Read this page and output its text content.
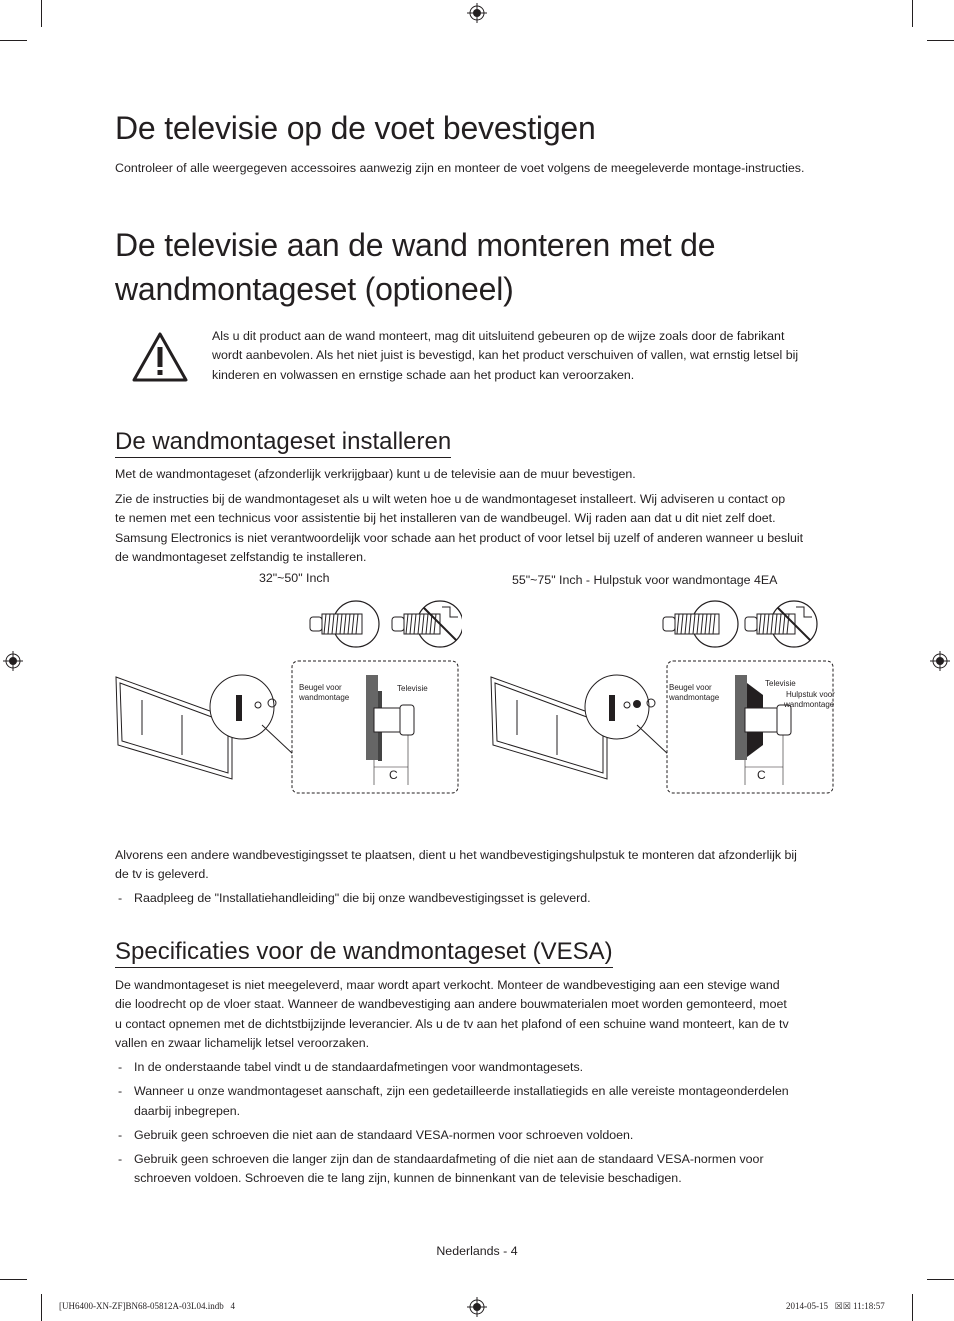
De televisie op de voet bevestigen

Controleer of alle weergegeven accessoires aanwezig zijn en monteer de voet volgens de meegeleverde montage-instructies.

De televisie aan de wand monteren met de
wandmontageset (optioneel)
Als u dit product aan de wand monteert, mag dit uitsluitend gebeuren op de wijze zoals door de fabrikant
wordt aanbevolen. Als het niet juist is bevestigd, kan het product verschuiven of vallen, wat ernstig letsel bij
kinderen en volwassen en ernstige schade aan het product kan veroorzaken.
De wandmontageset installeren

Met de wandmontageset (afzonderlijk verkrijgbaar) kunt u de televisie aan de muur bevestigen.

Zie de instructies bij de wandmontageset als u wilt weten hoe u de wandmontageset installeert. Wij adviseren u contact op
te nemen met een technicus voor assistentie bij het installeren van de wandbeugel. Wij raden aan dat u dit niet zelf doet.
Samsung Electronics is niet verantwoordelijk voor schade aan het product of voor letsel bij uzelf of anderen wanneer u besluit
de wandmontageset zelfstandig te installeren.
32"~50" Inch	55"~75" Inch - Hulpstuk voor wandmontage 4EA
Beugel voor
wandmontage
Televisie
C
Beugel voor
wandmontage
Televisie
Hulpstuk voor
wandmontage
C
Alvorens een andere wandbevestigingsset te plaatsen, dient u het wandbevestigingshulpstuk te monteren dat afzonderlijk bij
de tv is geleverd.
- Raadpleeg de "Installatiehandleiding" die bij onze wandbevestigingsset is geleverd.
Specificaties voor de wandmontageset (VESA)
De wandmontageset is niet meegeleverd, maar wordt apart verkocht. Monteer de wandbevestiging aan een stevige wand
die loodrecht op de vloer staat. Wanneer de wandbevestiging aan andere bouwmaterialen moet worden gemonteerd, moet
u contact opnemen met de dichtstbijzijnde leverancier. Als u de tv aan het plafond of een schuine wand monteert, kan de tv
vallen en zwaar lichamelijk letsel veroorzaken.
- In de onderstaande tabel vindt u de standaardafmetingen voor wandmontagesets.
- Wanneer u onze wandmontageset aanschaft, zijn een gedetailleerde installatiegids en alle vereiste montageonderdelen
daarbij inbegrepen.
- Gebruik geen schroeven die niet aan de standaard VESA-normen voor schroeven voldoen.
- Gebruik geen schroeven die langer zijn dan de standaardafmeting of die niet aan de standaard VESA-normen voor
schroeven voldoen. Schroeven die te lang zijn, kunnen de binnenkant van de televisie beschadigen.
Nederlands - 4
[UH6400-XN-ZF]BN68-05812A-03L04.indb   4	2014-05-15   ☒☒ 11:18:57
